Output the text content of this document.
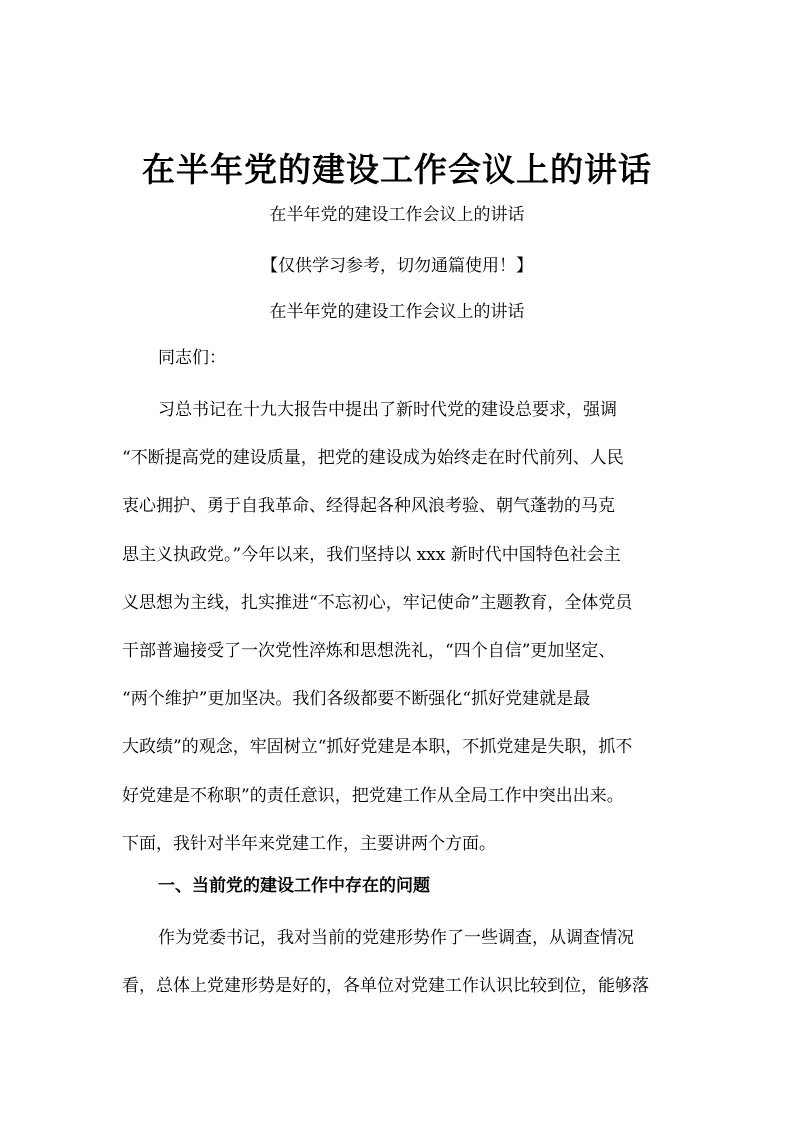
在半年党的建设工作会议上的讲话

在半年党的建设工作会议上的讲话

【仅供学习参考，切勿通篇使用！】

在半年党的建设工作会议上的讲话

同志们：

习总书记在十九大报告中提出了新时代党的建设总要求，强调
“不断提高党的建设质量，把党的建设成为始终走在时代前列、人民
衷心拥护、勇于自我革命、经得起各种风浪考验、朝气蓬勃的马克
思主义执政党。”今年以来，我们坚持以 xxx 新时代中国特色社会主
义思想为主线，扎实推进“不忘初心，牢记使命”主题教育，全体党员
干部普遍接受了一次党性淬炼和思想洗礼，“四个自信”更加坚定、
“两个维护”更加坚决。我们各级都要不断强化“抓好党建就是最
大政绩”的观念，牢固树立“抓好党建是本职，不抓党建是失职，抓不
好党建是不称职”的责任意识，把党建工作从全局工作中突出出来。
下面，我针对半年来党建工作，主要讲两个方面。
一、当前党的建设工作中存在的问题
作为党委书记，我对当前的党建形势作了一些调查，从调查情况
看，总体上党建形势是好的，各单位对党建工作认识比较到位，能够落
